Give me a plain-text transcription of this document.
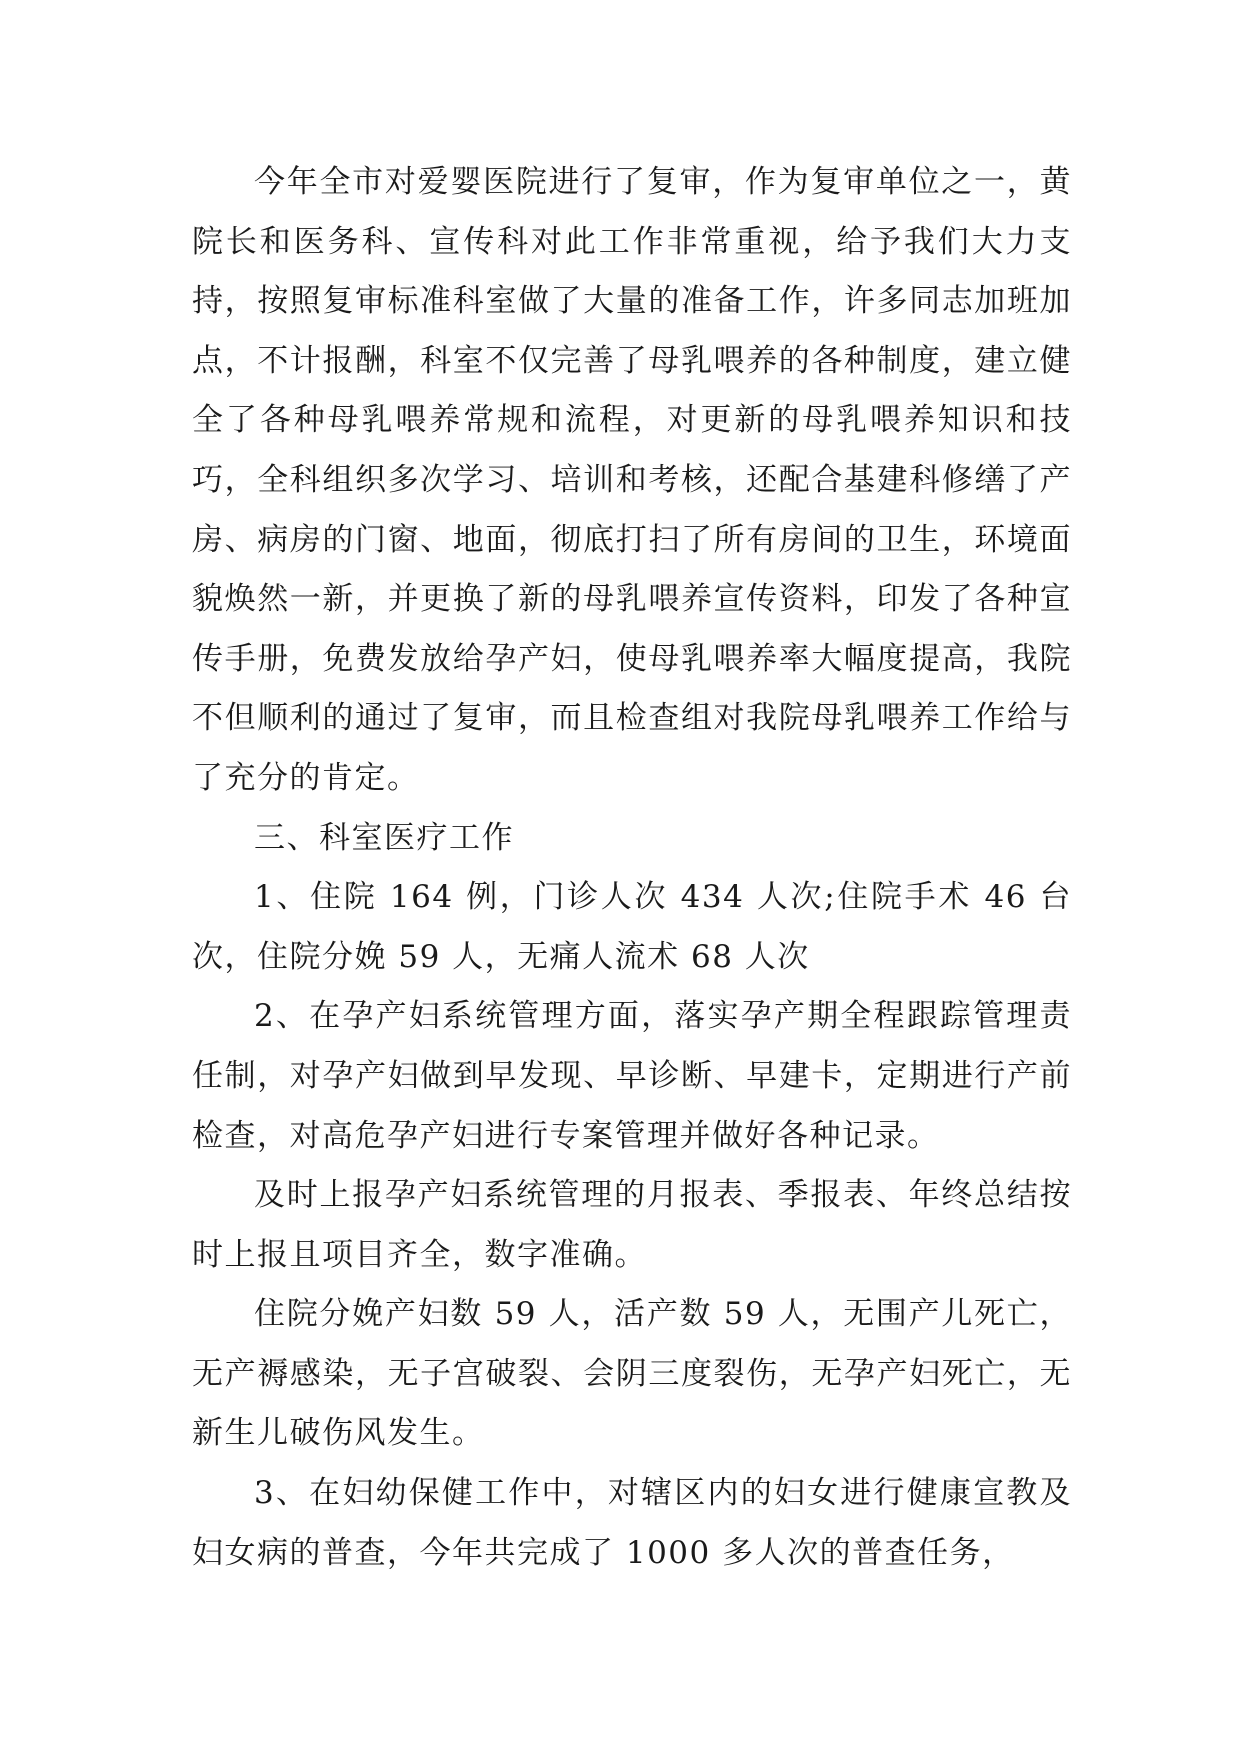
今年全市对爱婴医院进行了复审，作为复审单位之一，黄院长和医务科、宣传科对此工作非常重视，给予我们大力支持，按照复审标准科室做了大量的准备工作，许多同志加班加点，不计报酬，科室不仅完善了母乳喂养的各种制度，建立健全了各种母乳喂养常规和流程，对更新的母乳喂养知识和技巧，全科组织多次学习、培训和考核，还配合基建科修缮了产房、病房的门窗、地面，彻底打扫了所有房间的卫生，环境面貌焕然一新，并更换了新的母乳喂养宣传资料，印发了各种宣传手册，免费发放给孕产妇，使母乳喂养率大幅度提高，我院不但顺利的通过了复审，而且检查组对我院母乳喂养工作给与了充分的肯定。

三、科室医疗工作

1、住院 164 例，门诊人次 434 人次;住院手术 46 台次，住院分娩 59 人，无痛人流术 68 人次

2、在孕产妇系统管理方面，落实孕产期全程跟踪管理责任制，对孕产妇做到早发现、早诊断、早建卡，定期进行产前检查，对高危孕产妇进行专案管理并做好各种记录。

及时上报孕产妇系统管理的月报表、季报表、年终总结按时上报且项目齐全，数字准确。

住院分娩产妇数 59 人，活产数 59 人，无围产儿死亡，无产褥感染，无子宫破裂、会阴三度裂伤，无孕产妇死亡，无新生儿破伤风发生。

3、在妇幼保健工作中，对辖区内的妇女进行健康宣教及妇女病的普查，今年共完成了 1000 多人次的普查任务，
